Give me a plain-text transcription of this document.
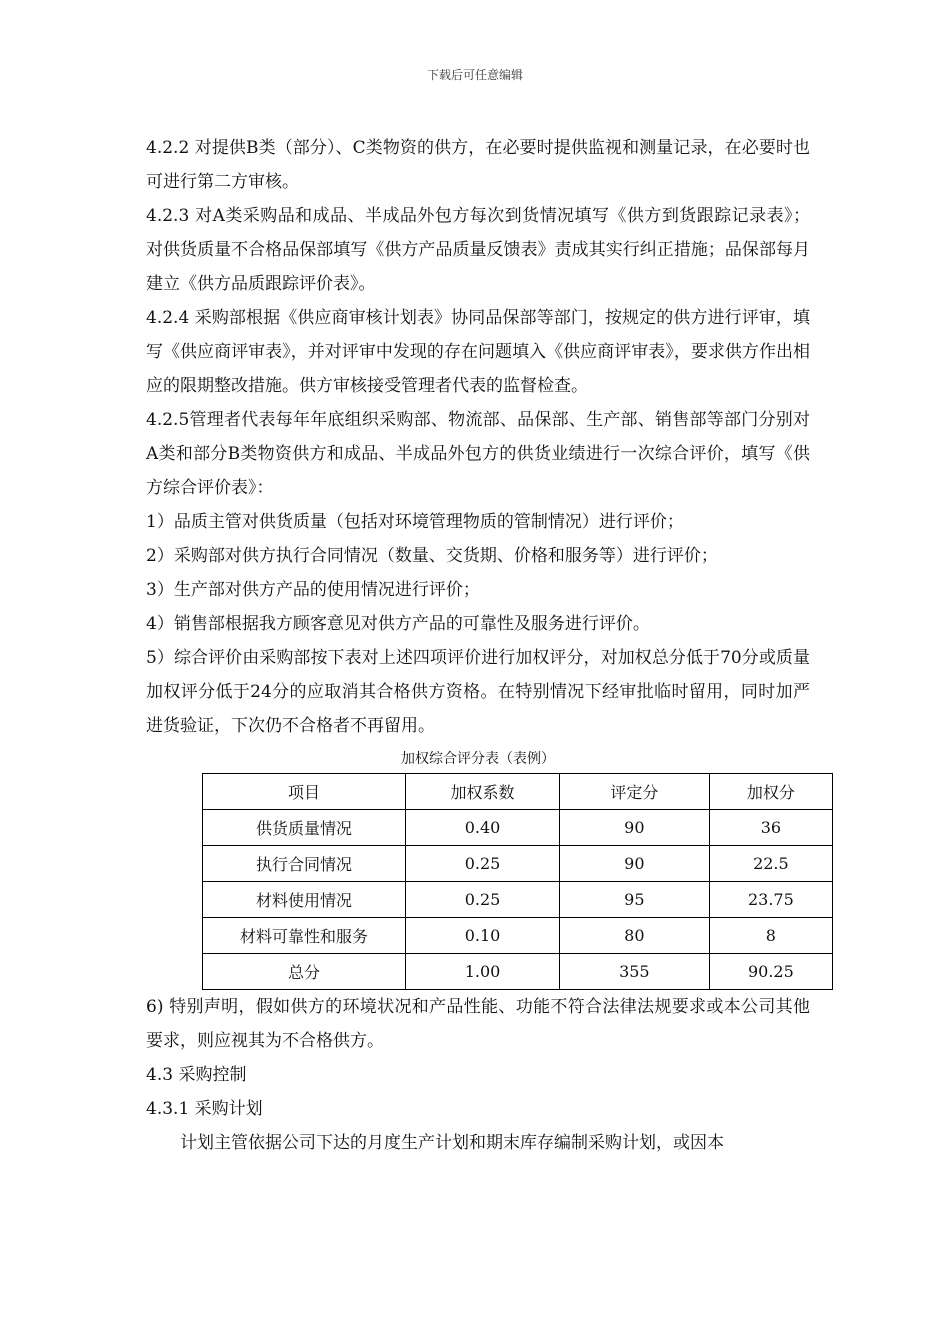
下载后可任意编辑

4.2.2 对提供B类（部分）、C类物资的供方，在必要时提供监视和测量记录，在必要时也可进行第二方审核。

4.2.3 对A类采购品和成品、半成品外包方每次到货情况填写《供方到货跟踪记录表》；对供货质量不合格品保部填写《供方产品质量反馈表》责成其实行纠正措施；品保部每月建立《供方品质跟踪评价表》。

4.2.4 采购部根据《供应商审核计划表》协同品保部等部门，按规定的供方进行评审，填写《供应商评审表》，并对评审中发现的存在问题填入《供应商评审表》，要求供方作出相应的限期整改措施。供方审核接受管理者代表的监督检查。

4.2.5管理者代表每年年底组织采购部、物流部、品保部、生产部、销售部等部门分别对A类和部分B类物资供方和成品、半成品外包方的供货业绩进行一次综合评价，填写《供方综合评价表》：

1）品质主管对供货质量（包括对环境管理物质的管制情况）进行评价；

2）采购部对供方执行合同情况（数量、交货期、价格和服务等）进行评价；

3）生产部对供方产品的使用情况进行评价；

4）销售部根据我方顾客意见对供方产品的可靠性及服务进行评价。

5）综合评价由采购部按下表对上述四项评价进行加权评分，对加权总分低于70分或质量加权评分低于24分的应取消其合格供方资格。在特别情况下经审批临时留用，同时加严进货验证，下次仍不合格者不再留用。

加权综合评分表（表例）
项目	加权系数	评定分	加权分
供货质量情况	0.40	90	36
执行合同情况	0.25	90	22.5
材料使用情况	0.25	95	23.75
材料可靠性和服务	0.10	80	8
总分	1.00	355	90.25

6) 特别声明，假如供方的环境状况和产品性能、功能不符合法律法规要求或本公司其他要求，则应视其为不合格供方。

4.3 采购控制

4.3.1 采购计划

计划主管依据公司下达的月度生产计划和期末库存编制采购计划，或因本
